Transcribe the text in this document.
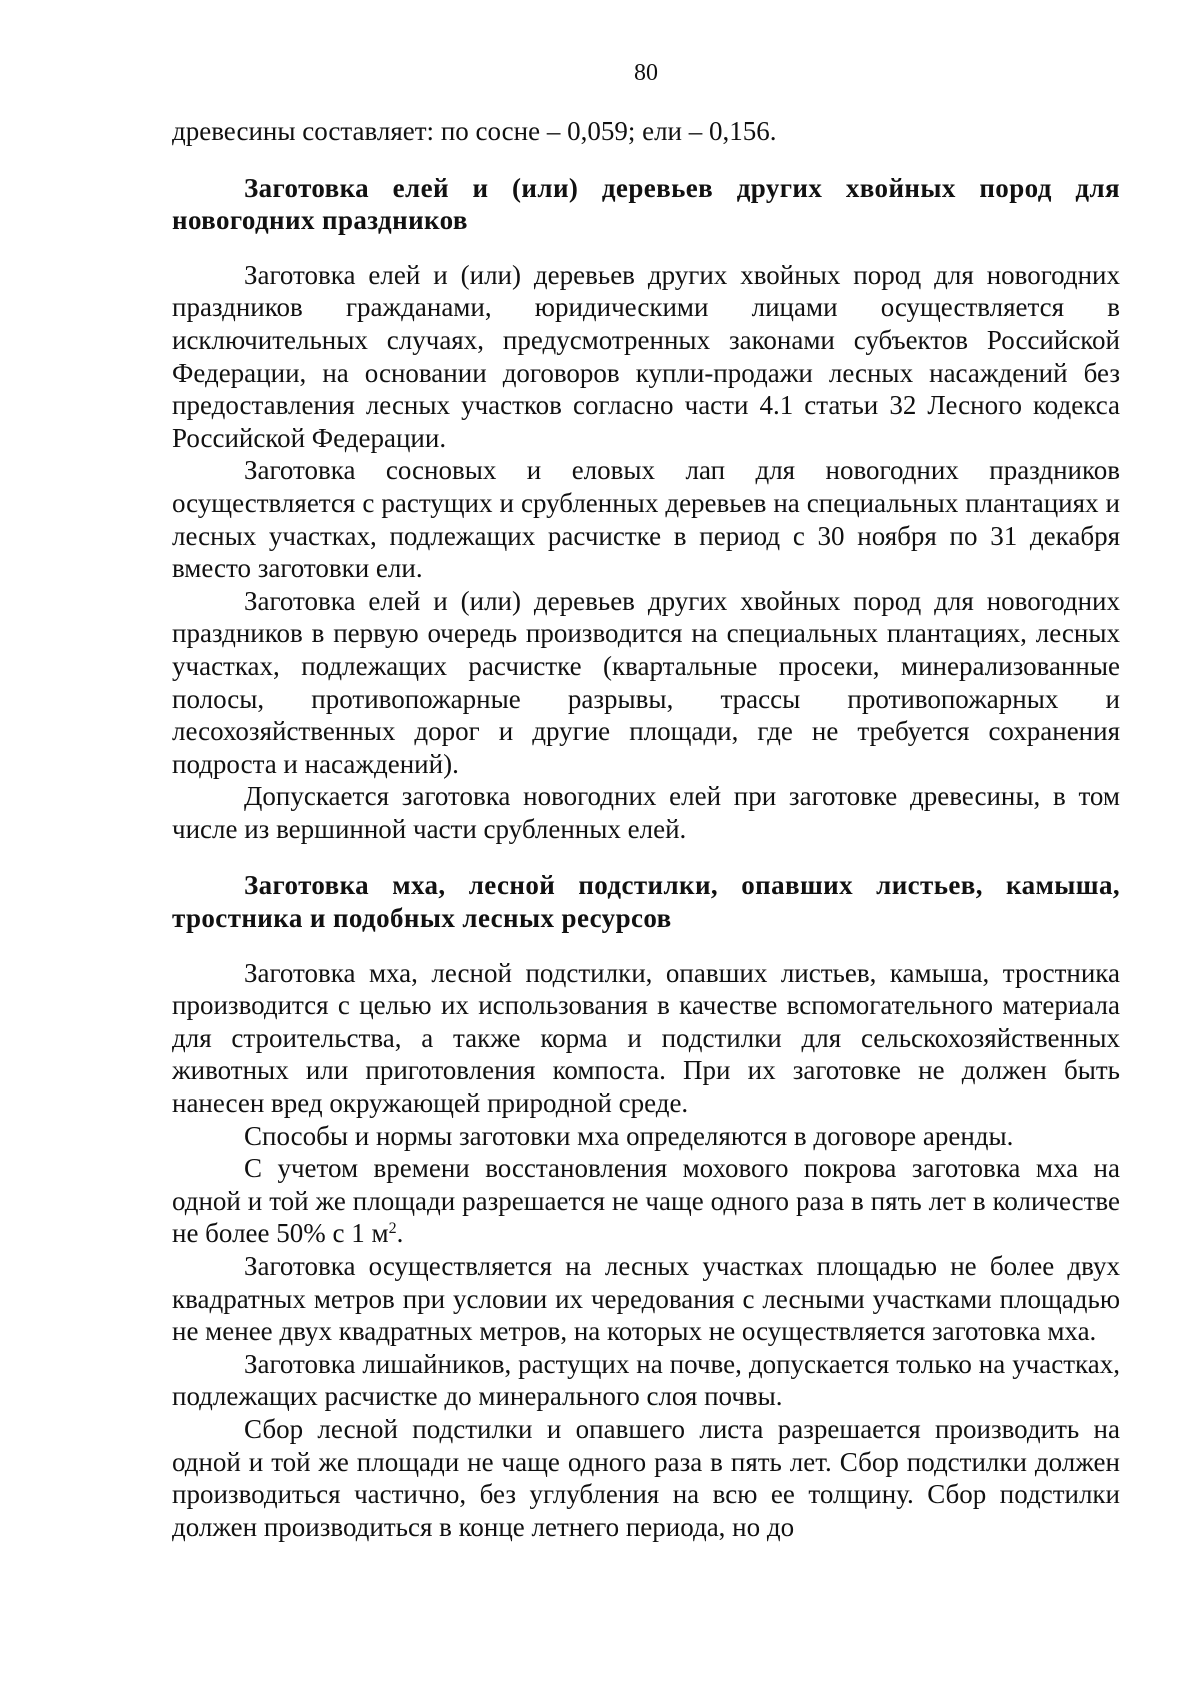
80

древесины составляет: по сосне – 0,059; ели – 0,156.

Заготовка елей и (или) деревьев других хвойных пород для новогодних праздников

Заготовка елей и (или) деревьев других хвойных пород для новогодних праздников гражданами, юридическими лицами осуществляется в исключительных случаях, предусмотренных законами субъектов Российской Федерации, на основании договоров купли-продажи лесных насаждений без предоставления лесных участков согласно части 4.1 статьи 32 Лесного кодекса Российской Федерации.

Заготовка сосновых и еловых лап для новогодних праздников осуществляется с растущих и срубленных деревьев на специальных плантациях и лесных участках, подлежащих расчистке в период с 30 ноября по 31 декабря вместо заготовки ели.

Заготовка елей и (или) деревьев других хвойных пород для новогодних праздников в первую очередь производится на специальных плантациях, лесных участках, подлежащих расчистке (квартальные просеки, минерализованные полосы, противопожарные разрывы, трассы противопожарных и лесохозяйственных дорог и другие площади, где не требуется сохранения подроста и насаждений).

Допускается заготовка новогодних елей при заготовке древесины, в том числе из вершинной части срубленных елей.

Заготовка мха, лесной подстилки, опавших листьев, камыша, тростника и подобных лесных ресурсов

Заготовка мха, лесной подстилки, опавших листьев, камыша, тростника производится с целью их использования в качестве вспомогательного материала для строительства, а также корма и подстилки для сельскохозяйственных животных или приготовления компоста. При их заготовке не должен быть нанесен вред окружающей природной среде.

Способы и нормы заготовки мха определяются в договоре аренды.

С учетом времени восстановления мохового покрова заготовка мха на одной и той же площади разрешается не чаще одного раза в пять лет в количестве не более 50% с 1 $м^2$.

Заготовка осуществляется на лесных участках площадью не более двух квадратных метров при условии их чередования с лесными участками площадью не менее двух квадратных метров, на которых не осуществляется заготовка мха.

Заготовка лишайников, растущих на почве, допускается только на участках, подлежащих расчистке до минерального слоя почвы.

Сбор лесной подстилки и опавшего листа разрешается производить на одной и той же площади не чаще одного раза в пять лет. Сбор подстилки должен производиться частично, без углубления на всю ее толщину. Сбор подстилки должен производиться в конце летнего периода, но до
